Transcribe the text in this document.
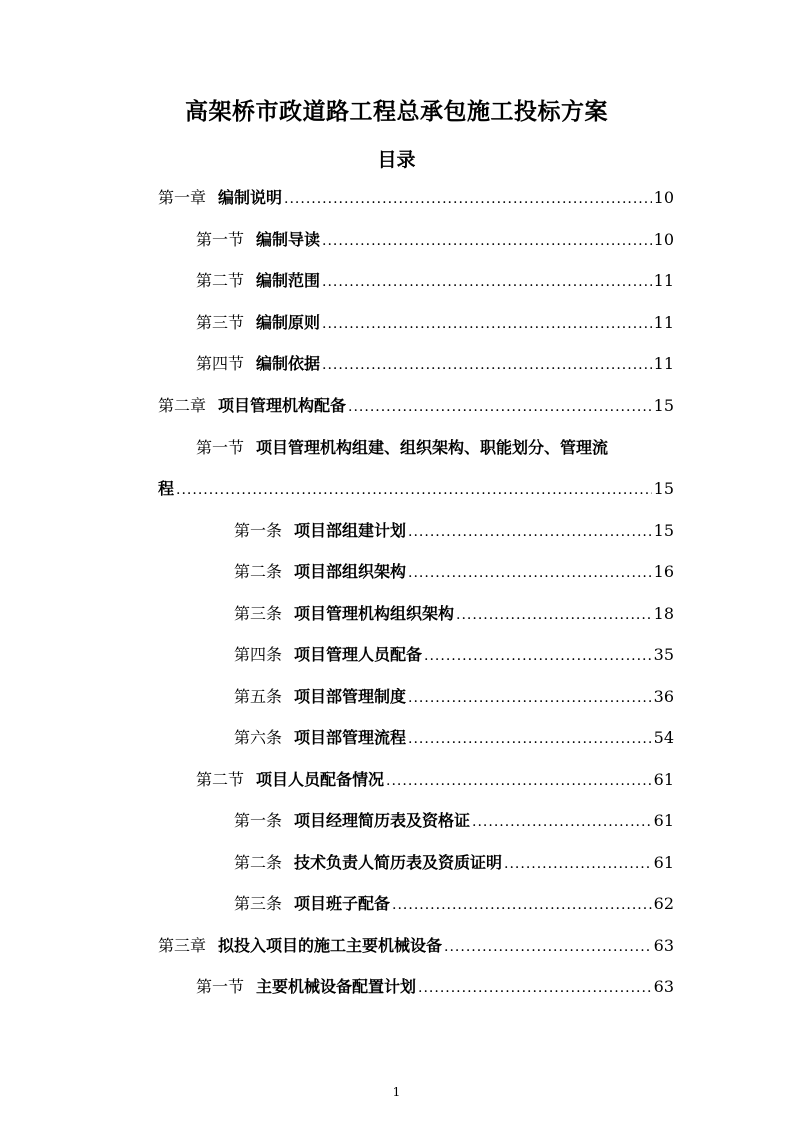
高架桥市政道路工程总承包施工投标方案
目录
第一章 编制说明 .....	10
第一节 编制导读 .....	10
第二节 编制范围 .....	11
第三节 编制原则 .....	11
第四节 编制依据 .....	11
第二章 项目管理机构配备 .....	15
第一节 项目管理机构组建、组织架构、职能划分、管理流
程 .....	15
第一条 项目部组建计划 .....	15
第二条 项目部组织架构 .....	16
第三条 项目管理机构组织架构 .....	18
第四条 项目管理人员配备 .....	35
第五条 项目部管理制度 .....	36
第六条 项目部管理流程 .....	54
第二节 项目人员配备情况 .....	61
第一条 项目经理简历表及资格证 .....	61
第二条 技术负责人简历表及资质证明 .....	61
第三条 项目班子配备 .....	62
第三章 拟投入项目的施工主要机械设备 .....	63
第一节 主要机械设备配置计划 .....	63
1
